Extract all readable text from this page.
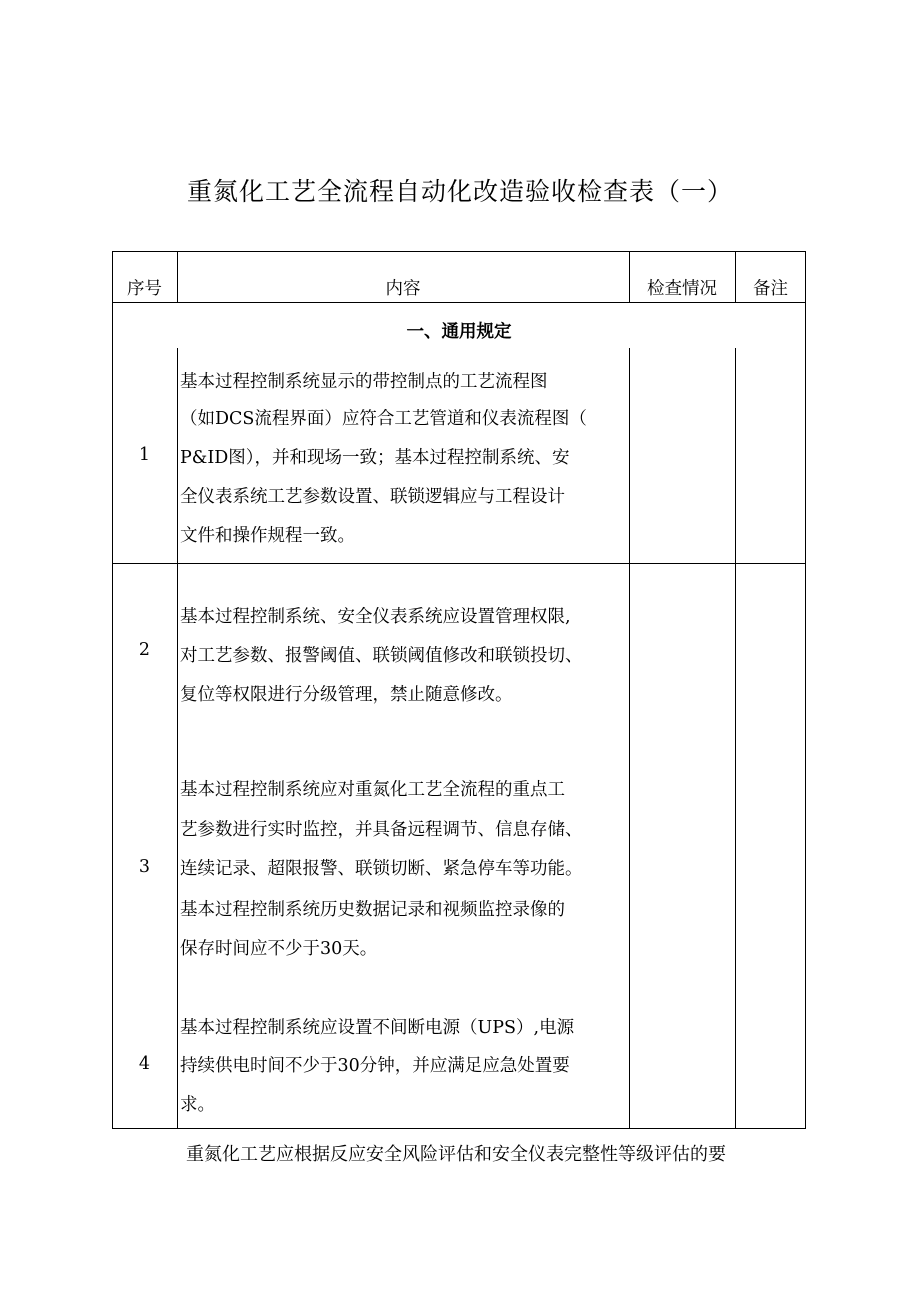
重氮化工艺全流程自动化改造验收检查表（一）
序号	内容	检查情况	备注
一、通用规定
1
基本过程控制系统显示的带控制点的工艺流程图
（如DCS流程界面）应符合工艺管道和仪表流程图（
P&ID图），并和现场一致；基本过程控制系统、安
全仪表系统工艺参数设置、联锁逻辑应与工程设计
文件和操作规程一致。
2
基本过程控制系统、安全仪表系统应设置管理权限,
对工艺参数、报警阈值、联锁阈值修改和联锁投切、
复位等权限进行分级管理，禁止随意修改。
3
基本过程控制系统应对重氮化工艺全流程的重点工
艺参数进行实时监控，并具备远程调节、信息存储、
连续记录、超限报警、联锁切断、紧急停车等功能。
基本过程控制系统历史数据记录和视频监控录像的
保存时间应不少于30天。
4
基本过程控制系统应设置不间断电源（UPS）,电源
持续供电时间不少于30分钟，并应满足应急处置要
求。
重氮化工艺应根据反应安全风险评估和安全仪表完整性等级评估的要
